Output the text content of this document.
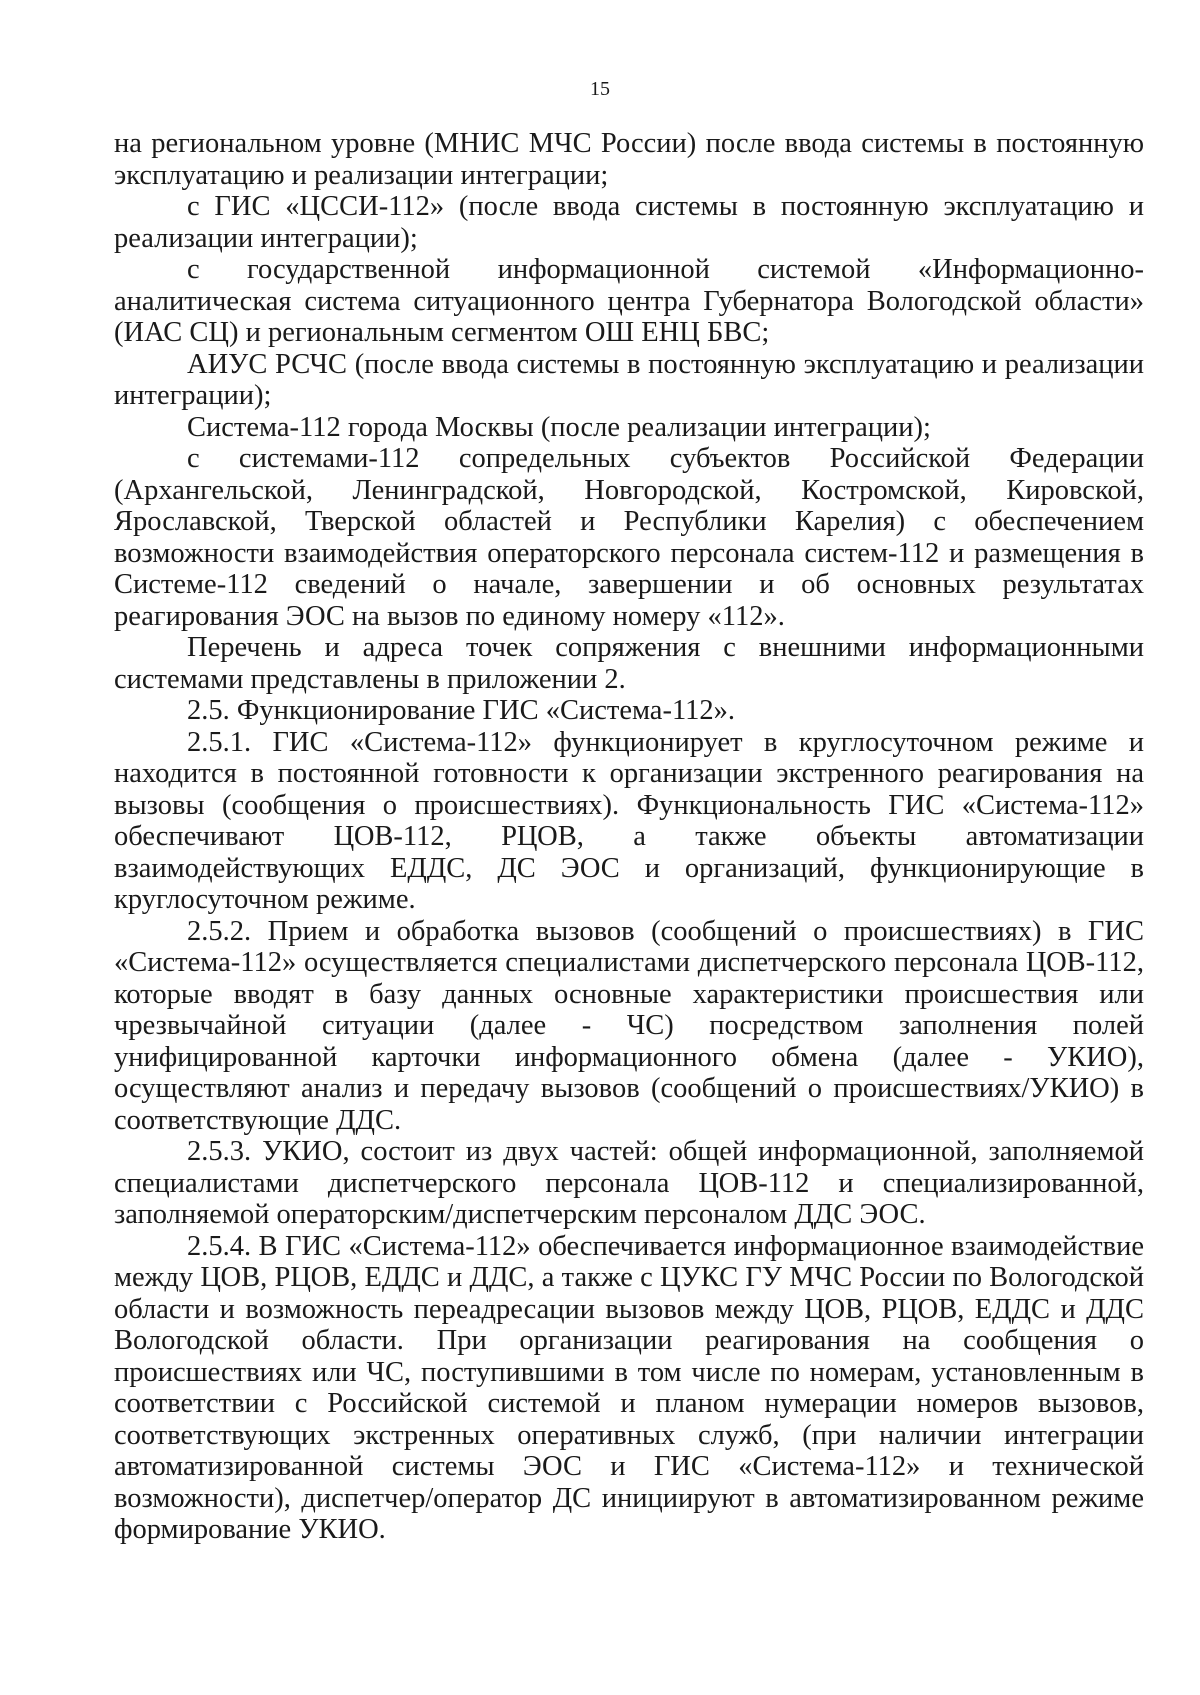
15

на региональном уровне (МНИС МЧС России) после ввода системы в постоянную эксплуатацию и реализации интеграции;

с ГИС «ЦССИ-112» (после ввода системы в постоянную эксплуатацию и реализации интеграции);

с государственной информационной системой «Информационно-аналитическая система ситуационного центра Губернатора Вологодской области» (ИАС СЦ) и региональным сегментом ОШ ЕНЦ БВС;

АИУС РСЧС (после ввода системы в постоянную эксплуатацию и реализации интеграции);

Система-112 города Москвы (после реализации интеграции);

с системами-112 сопредельных субъектов Российской Федерации (Архангельской, Ленинградской, Новгородской, Костромской, Кировской, Ярославской, Тверской областей и Республики Карелия) с обеспечением возможности взаимодействия операторского персонала систем-112 и размещения в Системе-112 сведений о начале, завершении и об основных результатах реагирования ЭОС на вызов по единому номеру «112».

Перечень и адреса точек сопряжения с внешними информационными системами представлены в приложении 2.

2.5. Функционирование ГИС «Система-112».

2.5.1. ГИС «Система-112» функционирует в круглосуточном режиме и находится в постоянной готовности к организации экстренного реагирования на вызовы (сообщения о происшествиях). Функциональность ГИС «Система-112» обеспечивают ЦОВ-112, РЦОВ, а также объекты автоматизации взаимодействующих ЕДДС, ДС ЭОС и организаций, функционирующие в круглосуточном режиме.

2.5.2. Прием и обработка вызовов (сообщений о происшествиях) в ГИС «Система-112» осуществляется специалистами диспетчерского персонала ЦОВ-112, которые вводят в базу данных основные характеристики происшествия или чрезвычайной ситуации (далее - ЧС) посредством заполнения полей унифицированной карточки информационного обмена (далее - УКИО), осуществляют анализ и передачу вызовов (сообщений о происшествиях/УКИО) в соответствующие ДДС.

2.5.3. УКИО, состоит из двух частей: общей информационной, заполняемой специалистами диспетчерского персонала ЦОВ-112 и специализированной, заполняемой операторским/диспетчерским персоналом ДДС ЭОС.

2.5.4. В ГИС «Система-112» обеспечивается информационное взаимодействие между ЦОВ, РЦОВ, ЕДДС и ДДС, а также с ЦУКС ГУ МЧС России по Вологодской области и возможность переадресации вызовов между ЦОВ, РЦОВ, ЕДДС и ДДС Вологодской области. При организации реагирования на сообщения о происшествиях или ЧС, поступившими в том числе по номерам, установленным в соответствии с Российской системой и планом нумерации номеров вызовов, соответствующих экстренных оперативных служб, (при наличии интеграции автоматизированной системы ЭОС и ГИС «Система-112» и технической возможности), диспетчер/оператор ДС инициируют в автоматизированном режиме формирование УКИО.
